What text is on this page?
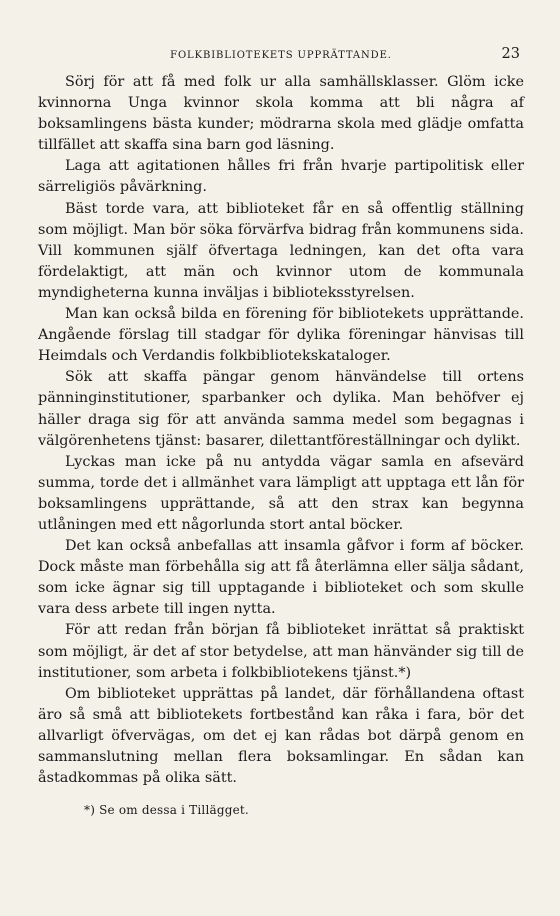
FOLKBIBLIOTEKETS UPPRÄTTANDE.	23

Sörj för att få med folk ur alla samhällsklasser. Glöm icke kvinnorna Unga kvinnor skola komma att bli några af boksamlingens bästa kunder; mödrarna skola med glädje omfatta tillfället att skaffa sina barn god läsning.

Laga att agitationen hålles fri från hvarje partipolitisk eller särreligiös påvärkning.

Bäst torde vara, att biblioteket får en så offentlig ställning som möjligt. Man bör söka förvärfva bidrag från kommunens sida. Vill kommunen själf öfvertaga ledningen, kan det ofta vara fördelaktigt, att män och kvinnor utom de kommunala myndigheterna kunna inväljas i biblioteksstyrelsen.

Man kan också bilda en förening för bibliotekets upprättande. Angående förslag till stadgar för dylika föreningar hänvisas till Heimdals och Verdandis folkbibliotekskataloger.

Sök att skaffa pängar genom hänvändelse till ortens pänninginstitutioner, sparbanker och dylika. Man behöfver ej häller draga sig för att använda samma medel som begagnas i välgörenhetens tjänst: basarer, dilettantföreställningar och dylikt.

Lyckas man icke på nu antydda vägar samla en afsevärd summa, torde det i allmänhet vara lämpligt att upptaga ett lån för boksamlingens upprättande, så att den strax kan begynna utlåningen med ett någorlunda stort antal böcker.

Det kan också anbefallas att insamla gåfvor i form af böcker. Dock måste man förbehålla sig att få återlämna eller sälja sådant, som icke ägnar sig till upptagande i biblioteket och som skulle vara dess arbete till ingen nytta.

För att redan från början få biblioteket inrättat så praktiskt som möjligt, är det af stor betydelse, att man hänvänder sig till de institutioner, som arbeta i folkbibliotekens tjänst.*)

Om biblioteket upprättas på landet, där förhållandena oftast äro så små att bibliotekets fortbestånd kan råka i fara, bör det allvarligt öfvervägas, om det ej kan rådas bot därpå genom en sammanslutning mellan flera boksamlingar. En sådan kan åstadkommas på olika sätt.

*) Se om dessa i Tillägget.
